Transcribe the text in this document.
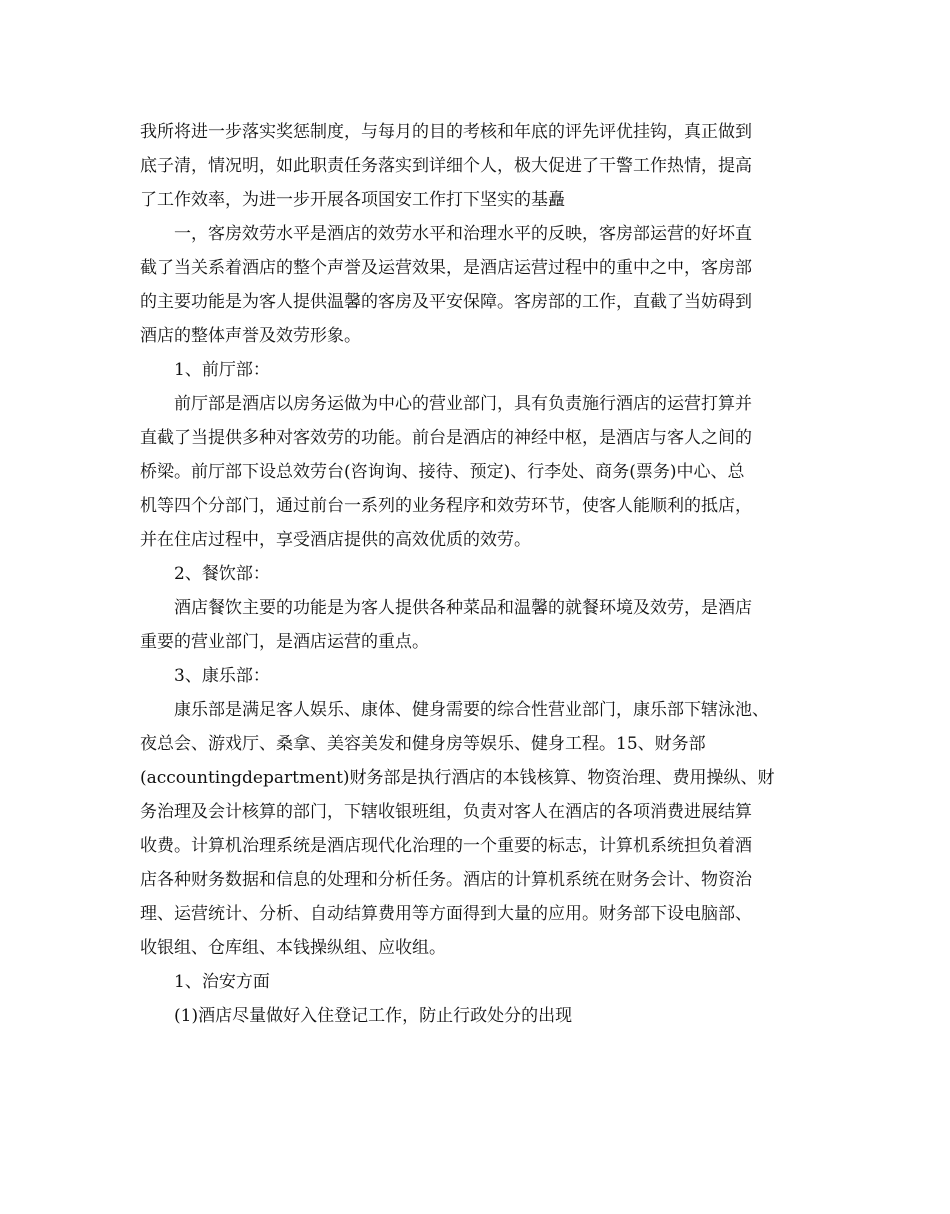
我所将进一步落实奖惩制度，与每月的目的考核和年底的评先评优挂钩，真正做到
底子清，情况明，如此职责任务落实到详细个人，极大促进了干警工作热情，提高
了工作效率，为进一步开展各项国安工作打下坚实的基矗
一，客房效劳水平是酒店的效劳水平和治理水平的反映，客房部运营的好坏直
截了当关系着酒店的整个声誉及运营效果，是酒店运营过程中的重中之中，客房部
的主要功能是为客人提供温馨的客房及平安保障。客房部的工作，直截了当妨碍到
酒店的整体声誉及效劳形象。
1、前厅部：
前厅部是酒店以房务运做为中心的营业部门，具有负责施行酒店的运营打算并
直截了当提供多种对客效劳的功能。前台是酒店的神经中枢，是酒店与客人之间的
桥梁。前厅部下设总效劳台(咨询询、接待、预定)、行李处、商务(票务)中心、总
机等四个分部门，通过前台一系列的业务程序和效劳环节，使客人能顺利的抵店，
并在住店过程中，享受酒店提供的高效优质的效劳。
2、餐饮部：
酒店餐饮主要的功能是为客人提供各种菜品和温馨的就餐环境及效劳，是酒店
重要的营业部门，是酒店运营的重点。
3、康乐部：
康乐部是满足客人娱乐、康体、健身需要的综合性营业部门，康乐部下辖泳池、
夜总会、游戏厅、桑拿、美容美发和健身房等娱乐、健身工程。15、财务部
(accountingdepartment)财务部是执行酒店的本钱核算、物资治理、费用操纵、财
务治理及会计核算的部门，下辖收银班组，负责对客人在酒店的各项消费进展结算
收费。计算机治理系统是酒店现代化治理的一个重要的标志，计算机系统担负着酒
店各种财务数据和信息的处理和分析任务。酒店的计算机系统在财务会计、物资治
理、运营统计、分析、自动结算费用等方面得到大量的应用。财务部下设电脑部、
收银组、仓库组、本钱操纵组、应收组。
1、治安方面
(1)酒店尽量做好入住登记工作，防止行政处分的出现
